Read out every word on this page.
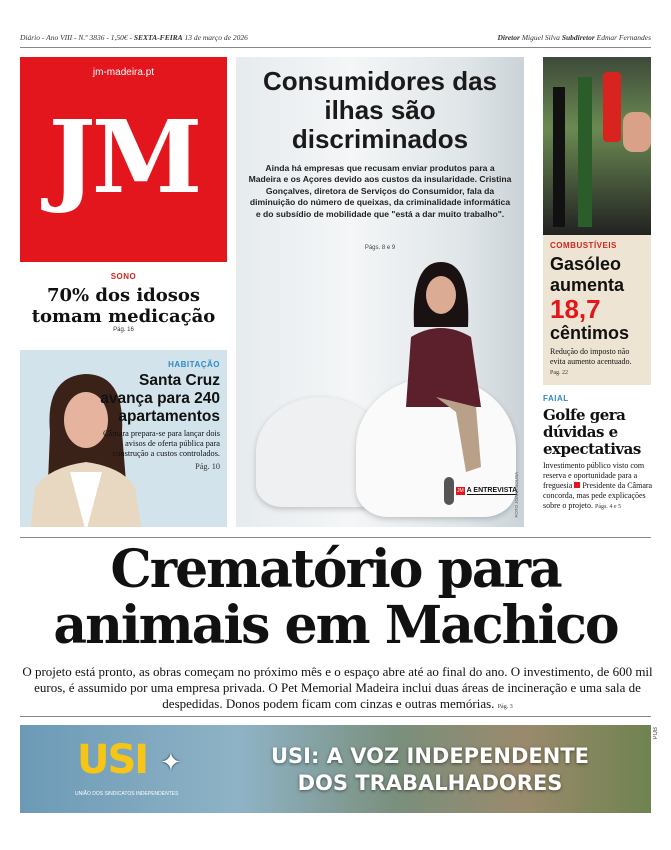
Diário - Ano VIII - N.º 3836 - 1,50€ - SEXTA-FEIRA 13 de março de 2026	Diretor Miguel Silva Subdiretor Edmar Fernandes
jm-madeira.pt
JM
SONO
70% dos idosos tomam medicação
Pág. 16
HABITAÇÃO
Santa Cruz avança para 240 apartamentos

Câmara prepara-se para lançar dois avisos de oferta pública para construção a custos controlados.

Pág. 10

Consumidores das ilhas são discriminados
Ainda há empresas que recusam enviar produtos para a Madeira e os Açores devido aos custos da insularidade. Cristina Gonçalves, diretora de Serviços do Consumidor, fala da diminuição do número de queixas, da criminalidade informática e do subsídio de mobilidade que "está a dar muito trabalho".
Págs. 8 e 9
JM A ENTREVISTA
FOTO JOANA SOUSA
COMBUSTÍVEIS
Gasóleo aumenta
18,7
cêntimos

Redução do imposto não evita aumento acentuado. Pag. 22

FAIAL
Golfe gera dúvidas e expectativas

Investimento público visto com reserva e oportunidade para a freguesia Presidente da Câmara concorda, mas pede explicações sobre o projeto. Págs. 4 e 5

Crematório para animais em Machico
O projeto está pronto, as obras começam no próximo mês e o espaço abre até ao final do ano. O investimento, de 600 mil euros, é assumido por uma empresa privada. O Pet Memorial Madeira inclui duas áreas de incineração e uma sala de despedidas. Donos podem ficam com cinzas e outras memórias. Pág. 3
USI ✦
UNIÃO DOS SINDICATOS INDEPENDENTES
USI: A VOZ INDEPENDENTE
DOS TRABALHADORES
PUB
